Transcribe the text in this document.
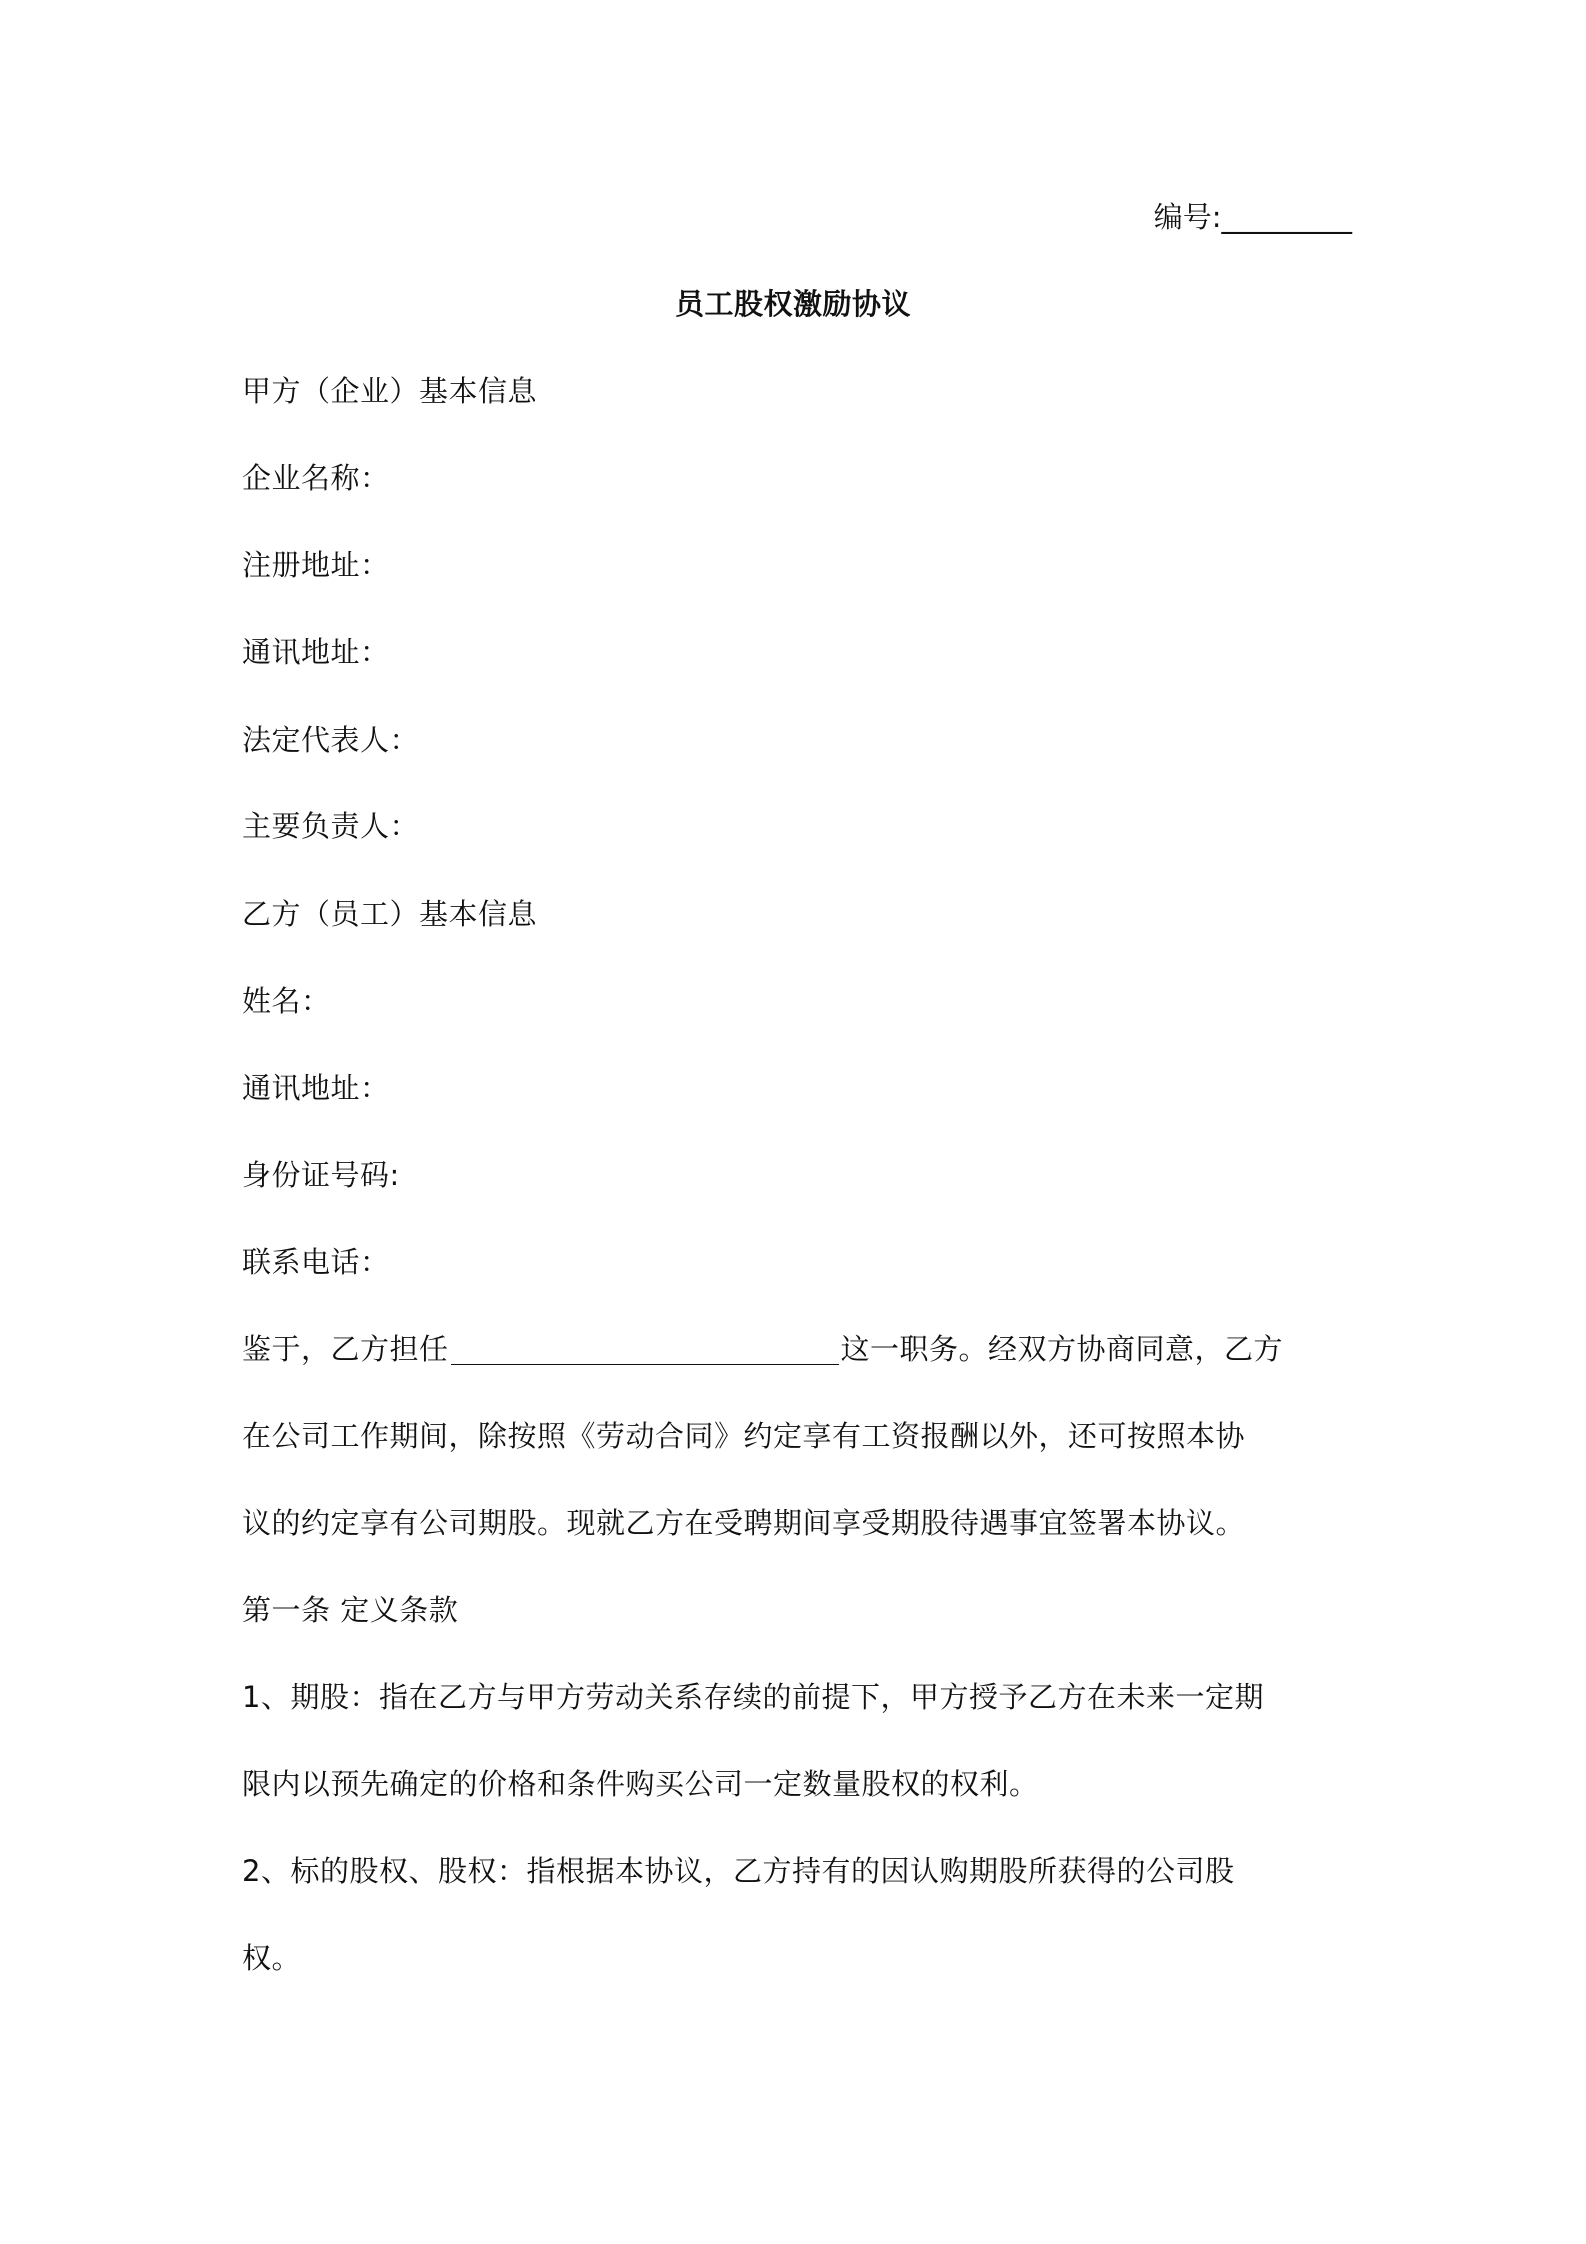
编号:_________
员工股权激励协议
甲方（企业）基本信息
企业名称：
注册地址：
通讯地址：
法定代表人：
主要负责人：
乙方（员工）基本信息
姓名：
通讯地址：
身份证号码:
联系电话：
鉴于，乙方担任	这一职务。经双方协商同意，乙方
在公司工作期间，除按照《劳动合同》约定享有工资报酬以外，还可按照本协
议的约定享有公司期股。现就乙方在受聘期间享受期股待遇事宜签署本协议。
第一条 定义条款
1、期股：指在乙方与甲方劳动关系存续的前提下，甲方授予乙方在未来一定期
限内以预先确定的价格和条件购买公司一定数量股权的权利。
2、标的股权、股权：指根据本协议，乙方持有的因认购期股所获得的公司股
权。
